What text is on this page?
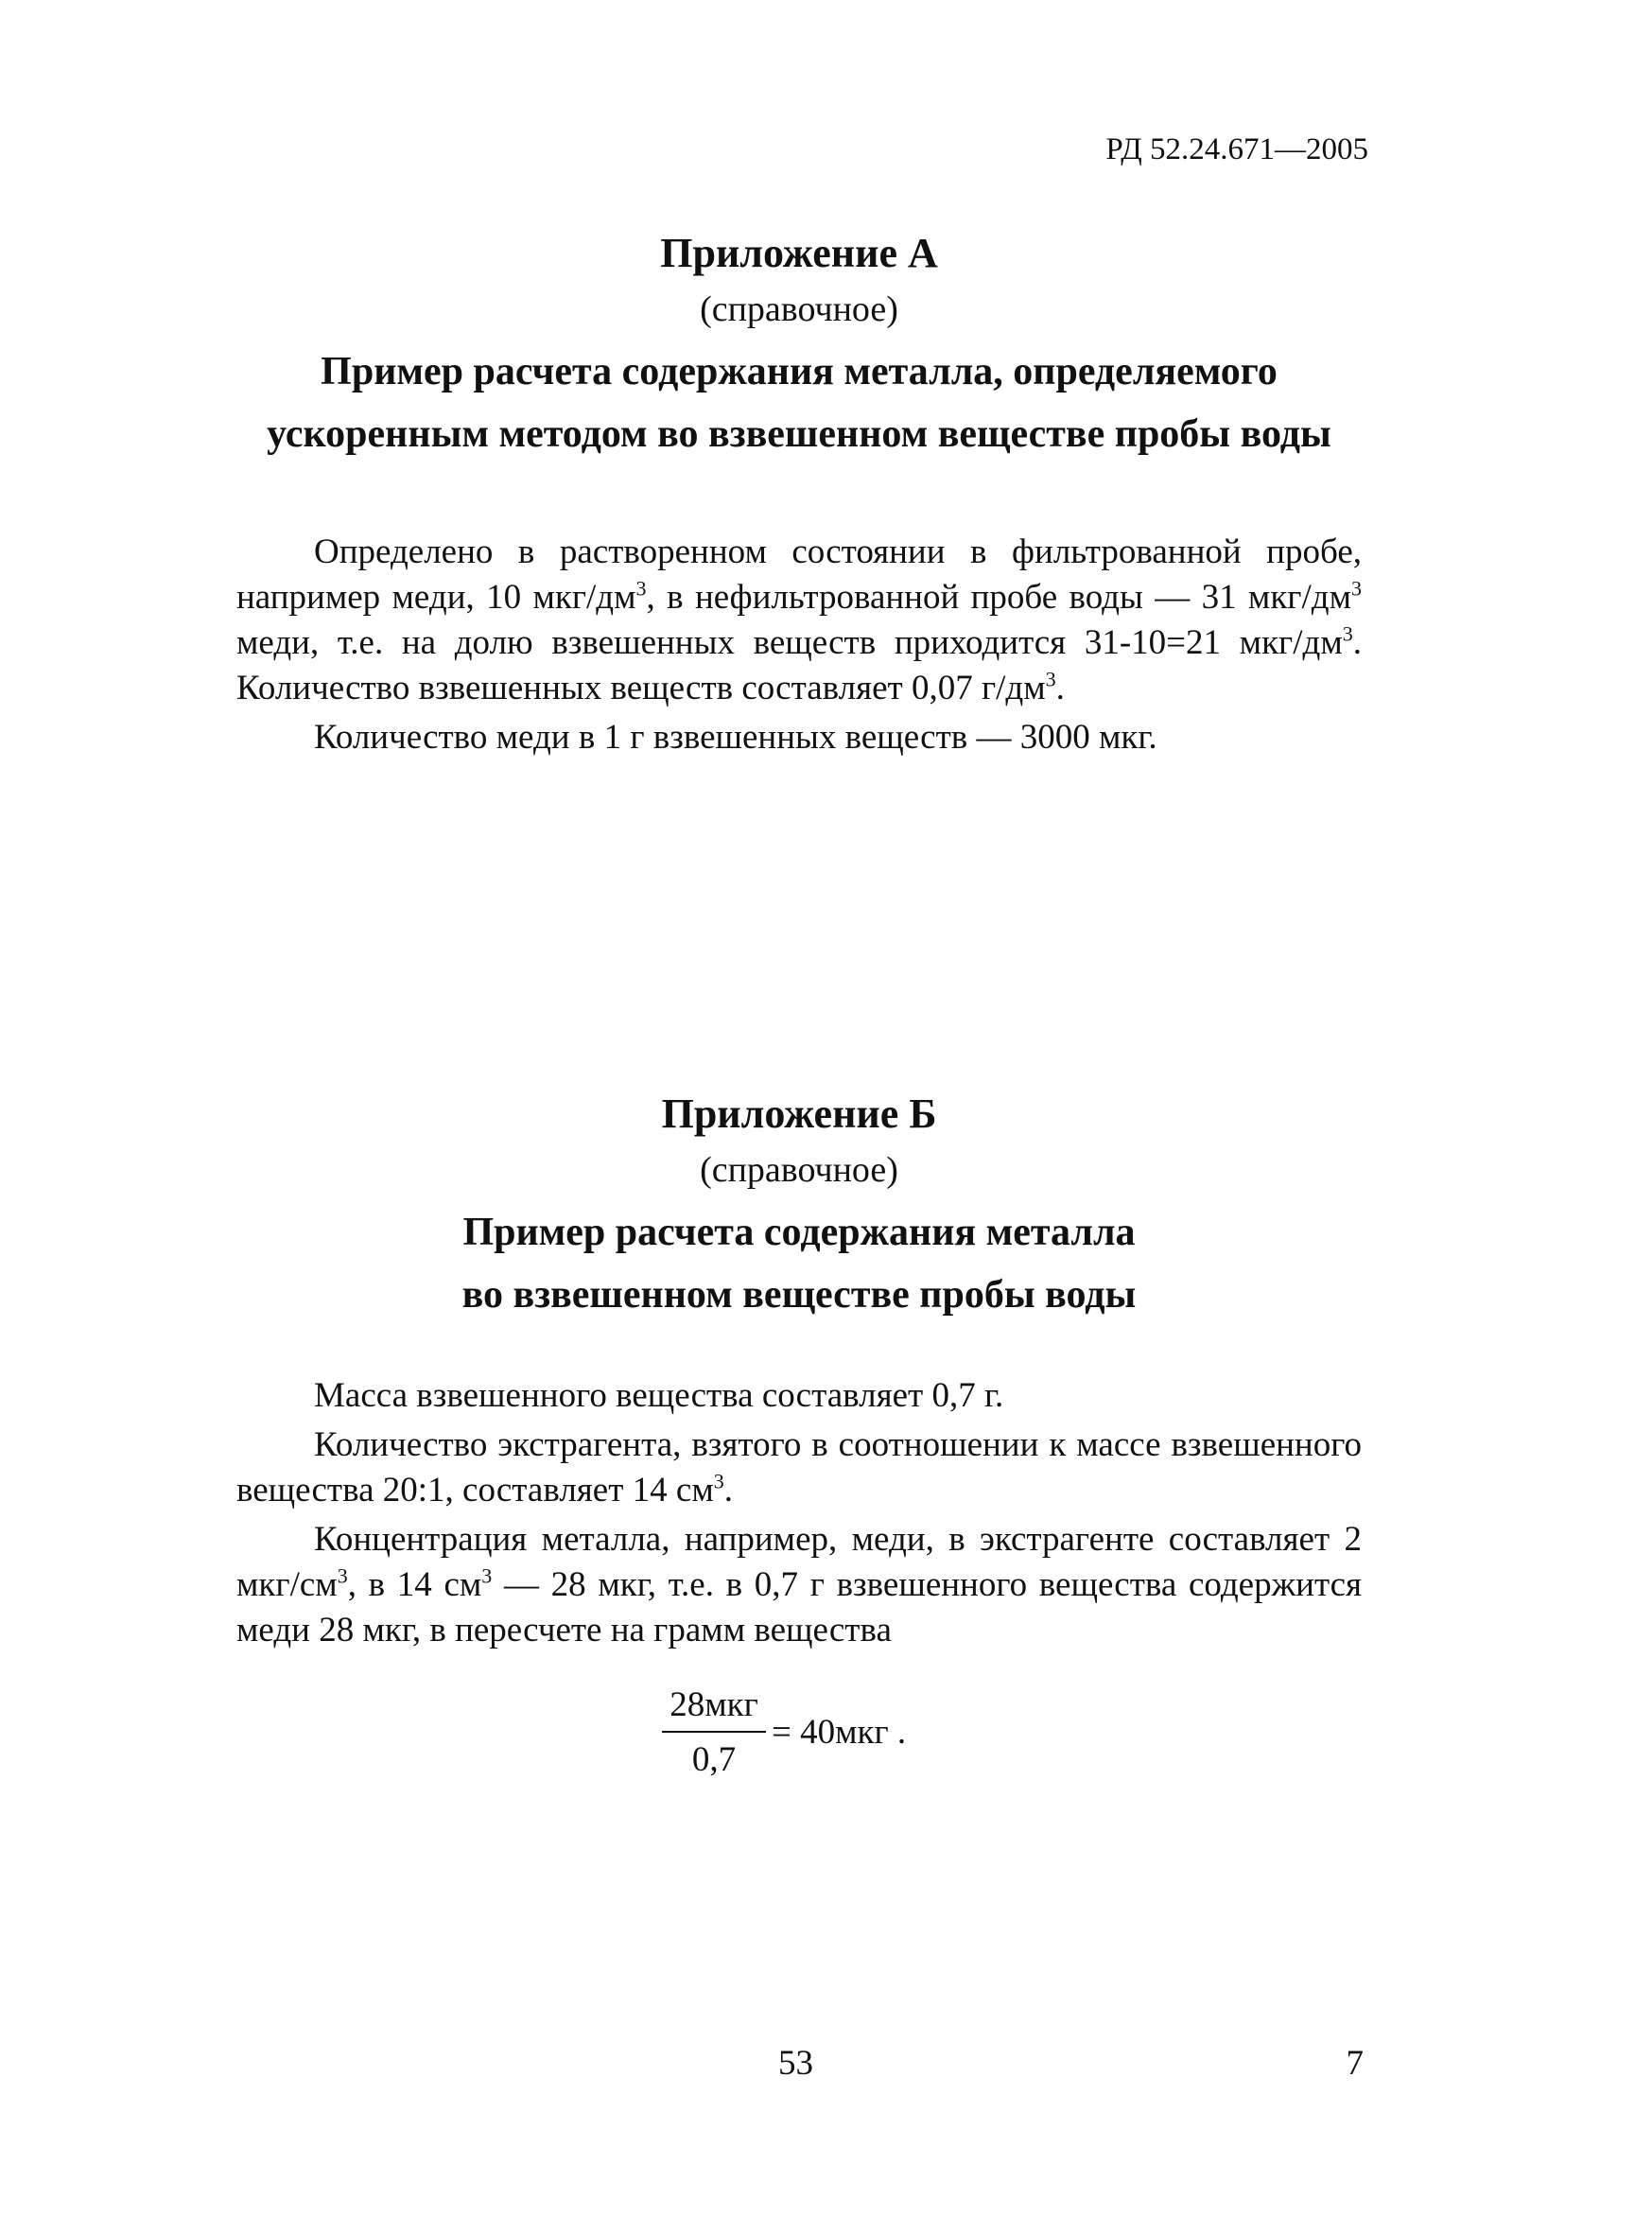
РД 52.24.671—2005

Приложение А

(справочное)

Пример расчета содержания металла, определяемого
ускоренным методом во взвешенном веществе пробы воды

Определено в растворенном состоянии в фильтрованной пробе, например меди, 10 мкг/$дм^3$, в нефильтрованной пробе воды — 31 мкг/$дм^3$ меди, т.е. на долю взвешенных веществ приходится 31-10=21 мкг/$дм^3$. Количество взвешенных веществ составляет 0,07 $г/дм^3$.

Количество меди в 1 г взвешенных веществ — 3000 мкг.

Приложение Б

(справочное)

Пример расчета содержания металла
во взвешенном веществе пробы воды

Масса взвешенного вещества составляет 0,7 г.

Количество экстрагента, взятого в соотношении к массе взвешенного вещества 20:1, составляет 14 $см^3$.

Концентрация металла, например, меди, в экстрагенте составляет 2 мкг/$см^3$, в 14 $см^3$ — 28 мкг, т.е. в 0,7 г взвешенного вещества содержится меди 28 мкг, в пересчете на грамм вещества

28мкг
0,7
= 40мкг .
53	7
